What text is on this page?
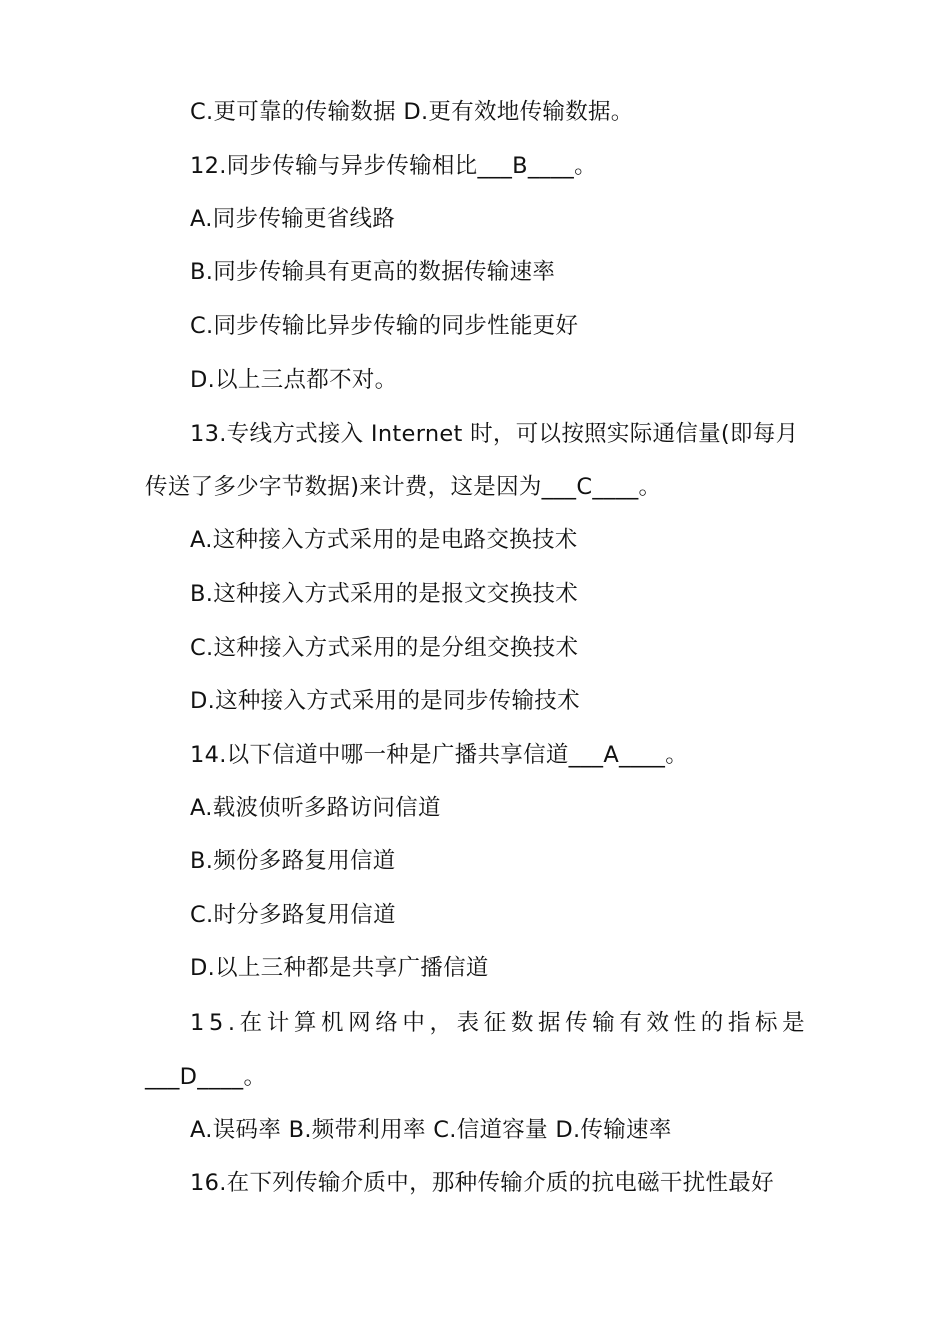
C.更可靠的传输数据 D.更有效地传输数据。
12.同步传输与异步传输相比___B____。
A.同步传输更省线路
B.同步传输具有更高的数据传输速率
C.同步传输比异步传输的同步性能更好
D.以上三点都不对。
13.专线方式接入 Internet 时，可以按照实际通信量(即每月
传送了多少字节数据)来计费，这是因为___C____。
A.这种接入方式采用的是电路交换技术
B.这种接入方式采用的是报文交换技术
C.这种接入方式采用的是分组交换技术
D.这种接入方式采用的是同步传输技术
14.以下信道中哪一种是广播共享信道___A____。
A.载波侦听多路访问信道
B.频份多路复用信道
C.时分多路复用信道
D.以上三种都是共享广播信道
1 5 . 在 计 算 机 网 络 中 ， 表 征 数 据 传 输 有 效 性 的 指 标 是
___D____。
A.误码率 B.频带利用率 C.信道容量 D.传输速率
16.在下列传输介质中，那种传输介质的抗电磁干扰性最好
